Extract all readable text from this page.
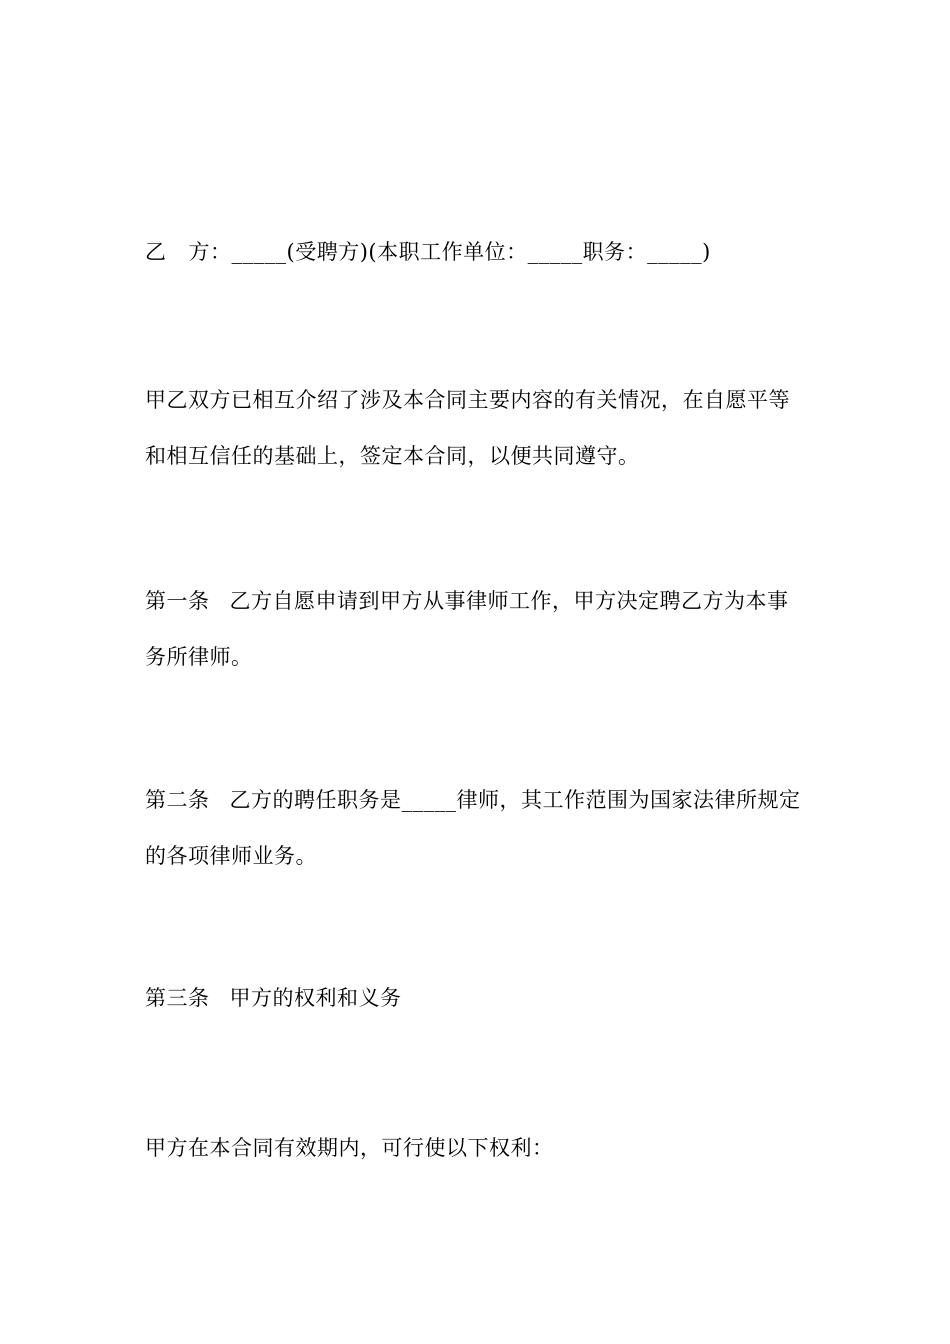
乙 方：_____(受聘方)(本职工作单位：_____职务：_____)
甲乙双方已相互介绍了涉及本合同主要内容的有关情况，在自愿平等和相互信任的基础上，签定本合同，以便共同遵守。
第一条 乙方自愿申请到甲方从事律师工作，甲方决定聘乙方为本事务所律师。
第二条 乙方的聘任职务是_____律师，其工作范围为国家法律所规定的各项律师业务。
第三条 甲方的权利和义务
甲方在本合同有效期内，可行使以下权利：
